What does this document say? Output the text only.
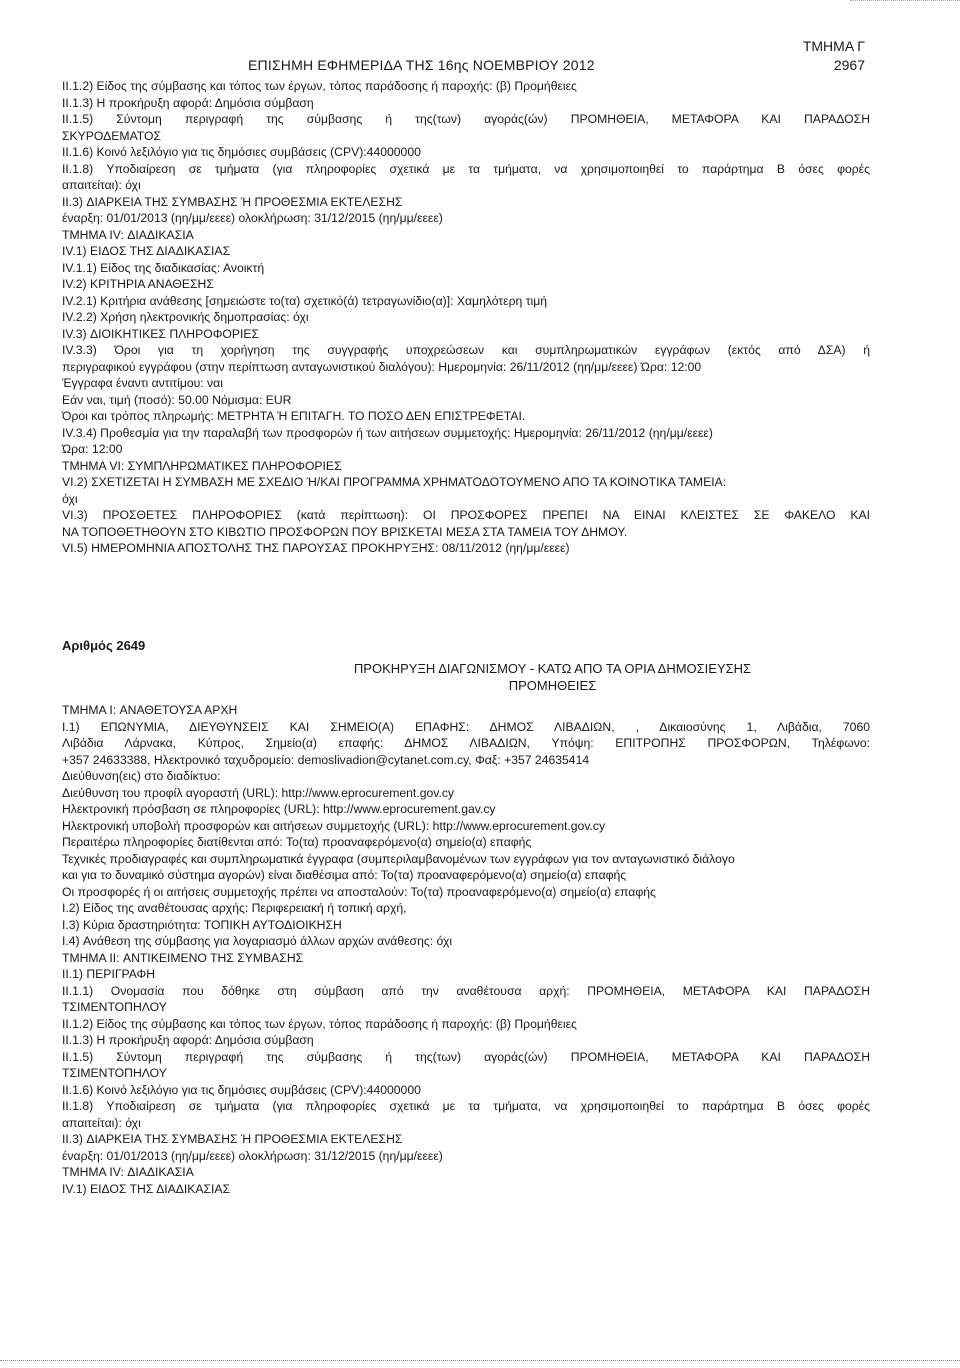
ΤΜΗΜΑ Γ
ΕΠΙΣΗΜΗ ΕΦΗΜΕΡΙΔΑ ΤΗΣ 16ης ΝΟΕΜΒΡΙΟΥ 2012	2967
II.1.2) Είδος της σύμβασης και τόπος των έργων, τόπος παράδοσης ή παροχής: (β) Προμήθειες
II.1.3) Η προκήρυξη αφορά: Δημόσια σύμβαση
II.1.5) Σύντομη περιγραφή της σύμβασης ή της(των) αγοράς(ών) ΠΡΟΜΗΘΕΙΑ, ΜΕΤΑΦΟΡΑ ΚΑΙ ΠΑΡΑΔΟΣΗ
ΣΚΥΡΟΔΕΜΑΤΟΣ
II.1.6) Κοινό λεξιλόγιο για τις δημόσιες συμβάσεις (CPV):44000000
II.1.8) Υποδιαίρεση σε τμήματα (για πληροφορίες σχετικά με τα τμήματα, να χρησιμοποιηθεί το παράρτημα Β όσες φορές
απαιτείται): όχι
II.3) ΔΙΑΡΚΕΙΑ ΤΗΣ ΣΥΜΒΑΣΗΣ Ή ΠΡΟΘΕΣΜΙΑ ΕΚΤΕΛΕΣΗΣ
έναρξη: 01/01/2013 (ηη/μμ/εεεε) ολοκλήρωση: 31/12/2015 (ηη/μμ/εεεε)
ΤΜΗΜΑ IV: ΔΙΑΔΙΚΑΣΙΑ
IV.1) ΕΙΔΟΣ ΤΗΣ ΔΙΑΔΙΚΑΣΙΑΣ
IV.1.1) Είδος της διαδικασίας: Ανοικτή
IV.2) ΚΡΙΤΗΡΙΑ ΑΝΑΘΕΣΗΣ
IV.2.1) Κριτήρια ανάθεσης [σημειώστε το(τα) σχετικό(ά) τετραγωνίδιο(α)]: Χαμηλότερη τιμή
IV.2.2) Χρήση ηλεκτρονικής δημοπρασίας: όχι
IV.3) ΔΙΟΙΚΗΤΙΚΕΣ ΠΛΗΡΟΦΟΡΙΕΣ
IV.3.3) Όροι για τη χορήγηση της συγγραφής υποχρεώσεων και συμπληρωματικών εγγράφων (εκτός από ΔΣΑ) ή
περιγραφικού εγγράφου (στην περίπτωση ανταγωνιστικού διαλόγου): Ημερομηνία: 26/11/2012 (ηη/μμ/εεεε) Ώρα: 12:00
Έγγραφα έναντι αντιτίμου: ναι
Εάν ναι, τιμή (ποσό): 50.00 Νόμισμα: EUR
Όροι και τρόπος πληρωμής: ΜΕΤΡΗΤΑ Ή ΕΠΙΤΑΓΗ. ΤΟ ΠΟΣΟ ΔΕΝ ΕΠΙΣΤΡΕΦΕΤΑΙ.
IV.3.4) Προθεσμία για την παραλαβή των προσφορών ή των αιτήσεων συμμετοχής: Ημερομηνία: 26/11/2012 (ηη/μμ/εεεε)
Ώρα: 12:00
ΤΜΗΜΑ VI: ΣΥΜΠΛΗΡΩΜΑΤΙΚΕΣ ΠΛΗΡΟΦΟΡΙΕΣ
VI.2) ΣΧΕΤΙΖΕΤΑΙ Η ΣΥΜΒΑΣΗ ΜΕ ΣΧΕΔΙΟ Ή/ΚΑΙ ΠΡΟΓΡΑΜΜΑ ΧΡΗΜΑΤΟΔΟΤΟΥΜΕΝΟ ΑΠΟ ΤΑ ΚΟΙΝΟΤΙΚΑ ΤΑΜΕΙΑ:
όχι
VI.3) ΠΡΟΣΘΕΤΕΣ ΠΛΗΡΟΦΟΡΙΕΣ (κατά περίπτωση): ΟΙ ΠΡΟΣΦΟΡΕΣ ΠΡΕΠΕΙ ΝΑ ΕΙΝΑΙ ΚΛΕΙΣΤΕΣ ΣΕ ΦΑΚΕΛΟ ΚΑΙ
ΝΑ ΤΟΠΟΘΕΤΗΘΟΥΝ ΣΤΟ ΚΙΒΩΤΙΟ ΠΡΟΣΦΟΡΩΝ ΠΟΥ ΒΡΙΣΚΕΤΑΙ ΜΕΣΑ ΣΤΑ ΤΑΜΕΙΑ ΤΟΥ ΔΗΜΟΥ.
VI.5) ΗΜΕΡΟΜΗΝΙΑ ΑΠΟΣΤΟΛΗΣ ΤΗΣ ΠΑΡΟΥΣΑΣ ΠΡΟΚΗΡΥΞΗΣ: 08/11/2012 (ηη/μμ/εεεε)
Αριθμός 2649
ΠΡΟΚΗΡΥΞΗ ΔΙΑΓΩΝΙΣΜΟΥ - ΚΑΤΩ ΑΠΟ ΤΑ ΟΡΙΑ ΔΗΜΟΣΙΕΥΣΗΣ
ΠΡΟΜΗΘΕΙΕΣ
ΤΜΗΜΑ I: ΑΝΑΘΕΤΟΥΣΑ ΑΡΧΗ
I.1) ΕΠΩΝΥΜΙΑ, ΔΙΕΥΘΥΝΣΕΙΣ ΚΑΙ ΣΗΜΕΙΟ(Α) ΕΠΑΦΗΣ: ΔΗΜΟΣ ΛΙΒΑΔΙΩΝ, , Δικαιοσύνης 1, Λιβάδια, 7060
Λιβάδια Λάρνακα, Κύπρος, Σημείο(α) επαφής: ΔΗΜΟΣ ΛΙΒΑΔΙΩΝ, Υπόψη: ΕΠΙΤΡΟΠΗΣ ΠΡΟΣΦΟΡΩΝ, Τηλέφωνο:
+357 24633388, Ηλεκτρονικό ταχυδρομείο: demoslivadion@cytanet.com.cy, Φαξ: +357 24635414
Διεύθυνση(εις) στο διαδίκτυο:
Διεύθυνση του προφίλ αγοραστή (URL): http://www.eprocurement.gov.cy
Ηλεκτρονική πρόσβαση σε πληροφορίες (URL): http://www.eprocurement.gav.cy
Ηλεκτρονική υποβολή προσφορών και αιτήσεων συμμετοχής (URL): http://www.eprocurement.gov.cy
Περαιτέρω πληροφορίες διατίθενται από: Το(τα) προαναφερόμενο(α) σημείο(α) επαφής
Τεχνικές προδιαγραφές και συμπληρωματικά έγγραφα (συμπεριλαμβανομένων των εγγράφων για τον ανταγωνιστικό διάλογο
και για το δυναμικό σύστημα αγορών) είναι διαθέσιμα από: Το(τα) προαναφερόμενο(α) σημείο(α) επαφής
Οι προσφορές ή οι αιτήσεις συμμετοχής πρέπει να αποσταλούν: Το(τα) προαναφερόμενο(α) σημείο(α) επαφής
I.2) Είδος της αναθέτουσας αρχής: Περιφερειακή ή τοπική αρχή,
I.3) Κύρια δραστηριότητα: ΤΟΠΙΚΗ ΑΥΤΟΔΙΟΙΚΗΣΗ
I.4) Ανάθεση της σύμβασης για λογαριασμό άλλων αρχών ανάθεσης: όχι
ΤΜΗΜΑ II: ΑΝΤΙΚΕΙΜΕΝΟ ΤΗΣ ΣΥΜΒΑΣΗΣ
II.1) ΠΕΡΙΓΡΑΦΗ
II.1.1) Ονομασία που δόθηκε στη σύμβαση από την αναθέτουσα αρχή: ΠΡΟΜΗΘΕΙΑ, ΜΕΤΑΦΟΡΑ ΚΑΙ ΠΑΡΑΔΟΣΗ
ΤΣΙΜΕΝΤΟΠΗΛΟΥ
II.1.2) Είδος της σύμβασης και τόπος των έργων, τόπος παράδοσης ή παροχής: (β) Προμήθειες
II.1.3) Η προκήρυξη αφορά: Δημόσια σύμβαση
II.1.5) Σύντομη περιγραφή της σύμβασης ή της(των) αγοράς(ών) ΠΡΟΜΗΘΕΙΑ, ΜΕΤΑΦΟΡΑ ΚΑΙ ΠΑΡΑΔΟΣΗ
ΤΣΙΜΕΝΤΟΠΗΛΟΥ
II.1.6) Κοινό λεξιλόγιο για τις δημόσιες συμβάσεις (CPV):44000000
II.1.8) Υποδιαίρεση σε τμήματα (για πληροφορίες σχετικά με τα τμήματα, να χρησιμοποιηθεί το παράρτημα Β όσες φορές
απαιτείται): όχι
II.3) ΔΙΑΡΚΕΙΑ ΤΗΣ ΣΥΜΒΑΣΗΣ Ή ΠΡΟΘΕΣΜΙΑ ΕΚΤΕΛΕΣΗΣ
έναρξη: 01/01/2013 (ηη/μμ/εεεε) ολοκλήρωση: 31/12/2015 (ηη/μμ/εεεε)
ΤΜΗΜΑ IV: ΔΙΑΔΙΚΑΣΙΑ
IV.1) ΕΙΔΟΣ ΤΗΣ ΔΙΑΔΙΚΑΣΙΑΣ
